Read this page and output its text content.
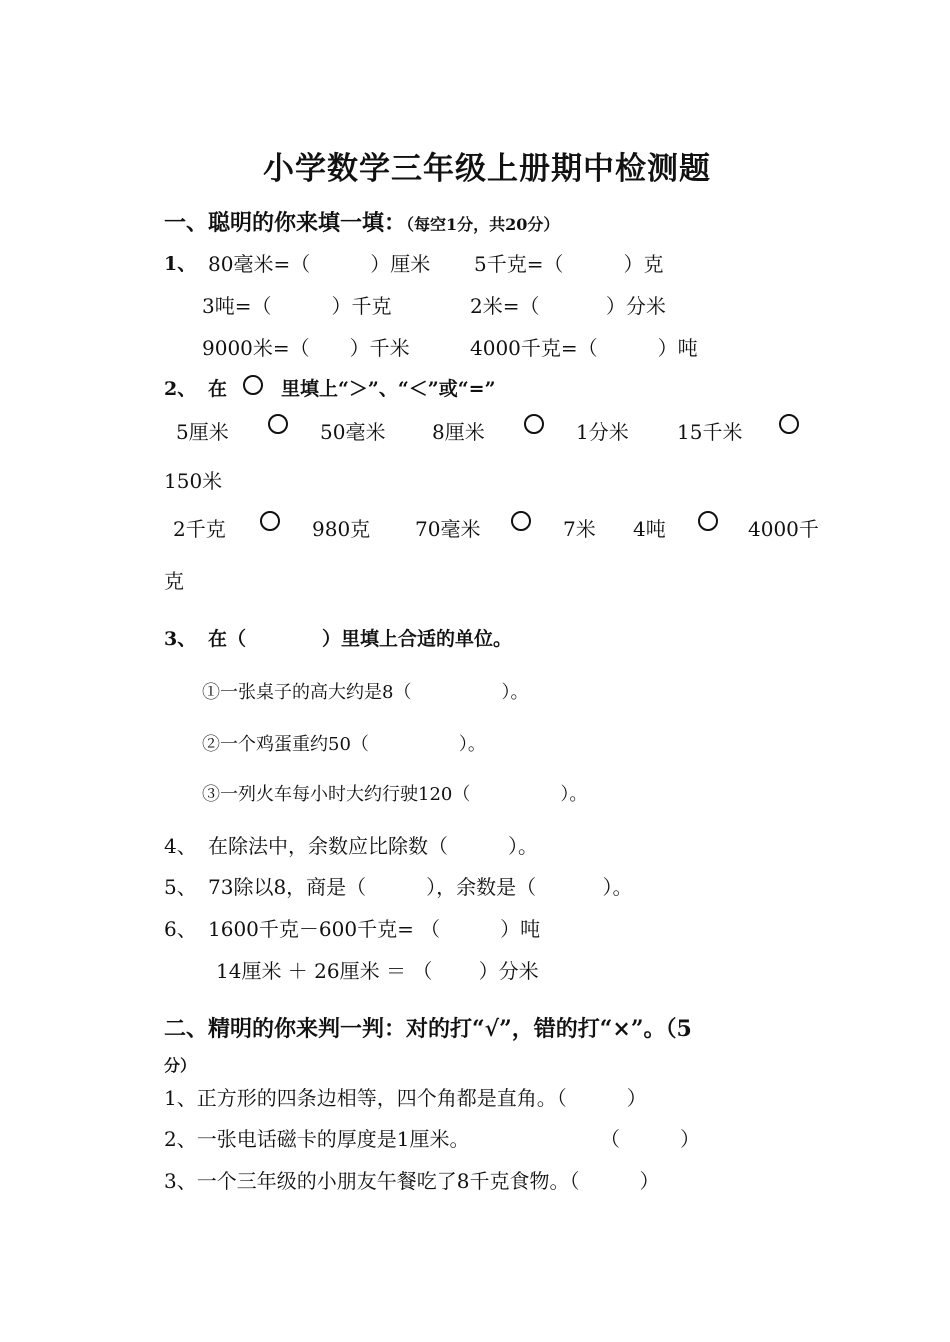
小学数学三年级上册期中检测题
一、聪明的你来填一填：（每空1分，共20分）
1、 80毫米=（　　　）厘米 5千克=（　　　）克
3吨=（　　　）千克	2米=（　　　 ）分米
9000米=（　　）千米	4000千克=（　　　）吨
2、 在	里填上“＞”、“＜”或“=”
5厘米	50毫米 8厘米	1分米 15千米
150米
2千克	980克 70毫米	7米 4吨	4000千
克
3、 在（　　　　）里填上合适的单位。
①一张桌子的高大约是8（　　　　　）。
②一个鸡蛋重约50（　　　　　）。
③一列火车每小时大约行驶120（　　　　　）。
4、 在除法中，余数应比除数（　　　）。
5、 73除以8，商是（　　　），余数是（　　　 ）。
6、 1600千克－600千克= （　　　）吨
14厘米 ＋ 26厘米 ＝ （　　 ）分米
二、精明的你来判一判：对的打“√”，错的打“×”。（5
分）
1、正方形的四条边相等，四个角都是直角。（　　　）
2、一张电话磁卡的厚度是1厘米。	（　　　）
3、一个三年级的小朋友午餐吃了8千克食物。（　　　）
